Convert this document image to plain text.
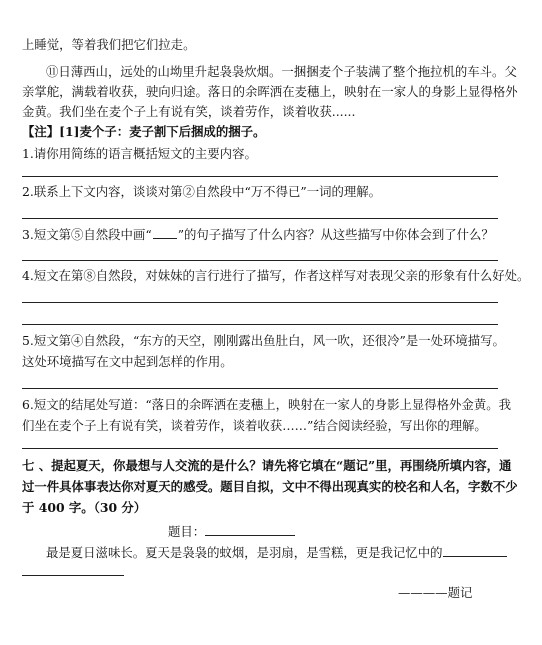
上睡觉，等着我们把它们拉走。
⑪日薄西山，远处的山坳里升起袅袅炊烟。一捆捆麦个子装满了整个拖拉机的车斗。父
亲掌舵，满载着收获，驶向归途。落日的余晖洒在麦穗上，映射在一家人的身影上显得格外
金黄。我们坐在麦个子上有说有笑，谈着劳作，谈着收获......
【注】[1]麦个子：麦子割下后捆成的捆子。
1.请你用简练的语言概括短文的主要内容。
2.联系上下文内容，谈谈对第②自然段中“万不得已”一词的理解。
3.短文第⑤自然段中画“ ”的句子描写了什么内容？从这些描写中你体会到了什么？
4.短文在第⑧自然段，对妹妹的言行进行了描写，作者这样写对表现父亲的形象有什么好处。
5.短文第④自然段，“东方的天空，刚刚露出鱼肚白，风一吹，还很冷”是一处环境描写。
这处环境描写在文中起到怎样的作用。
6.短文的结尾处写道：“落日的余晖洒在麦穗上，映射在一家人的身影上显得格外金黄。我
们坐在麦个子上有说有笑，谈着劳作，谈着收获……”结合阅读经验，写出你的理解。
七 、提起夏天，你最想与人交流的是什么？请先将它填在“题记”里，再围绕所填内容，通
过一件具体事表达你对夏天的感受。题目自拟，文中不得出现真实的校名和人名，字数不少
于 400 字。（30 分）
题目：
最是夏日滋味长。夏天是袅袅的蚊烟，是羽扇，是雪糕，更是我记忆中的
————题记
